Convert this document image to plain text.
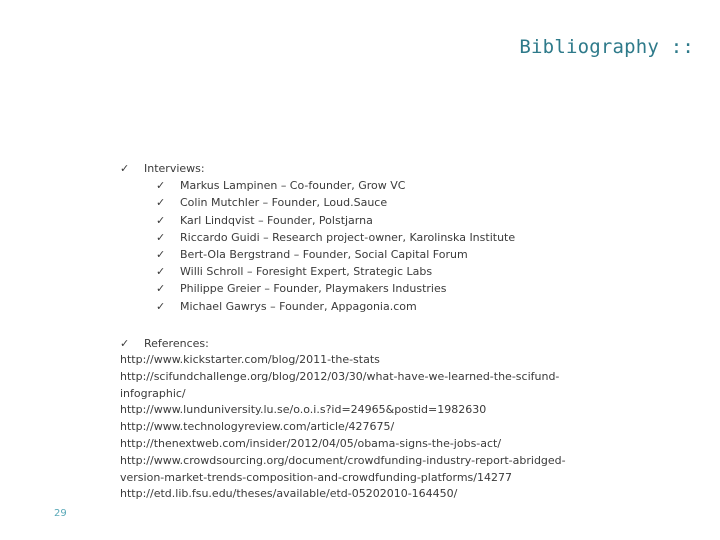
Bibliography ::
✓	Interviews:
✓	Markus Lampinen – Co-founder, Grow VC
✓	Colin Mutchler – Founder, Loud.Sauce
✓	Karl Lindqvist – Founder, Polstjarna
✓	Riccardo Guidi – Research project-owner, Karolinska Institute
✓	Bert-Ola Bergstrand – Founder, Social Capital Forum
✓	Willi Schroll – Foresight Expert, Strategic Labs
✓	Philippe Greier – Founder, Playmakers Industries
✓	Michael Gawrys – Founder, Appagonia.com
✓	References:
http://www.kickstarter.com/blog/2011-the-stats
http://scifundchallenge.org/blog/2012/03/30/what-have-we-learned-the-scifund-
infographic/
http://www.lunduniversity.lu.se/o.o.i.s?id=24965&postid=1982630
http://www.technologyreview.com/article/427675/
http://thenextweb.com/insider/2012/04/05/obama-signs-the-jobs-act/
http://www.crowdsourcing.org/document/crowdfunding-industry-report-abridged-
version-market-trends-composition-and-crowdfunding-platforms/14277
http://etd.lib.fsu.edu/theses/available/etd-05202010-164450/
29
